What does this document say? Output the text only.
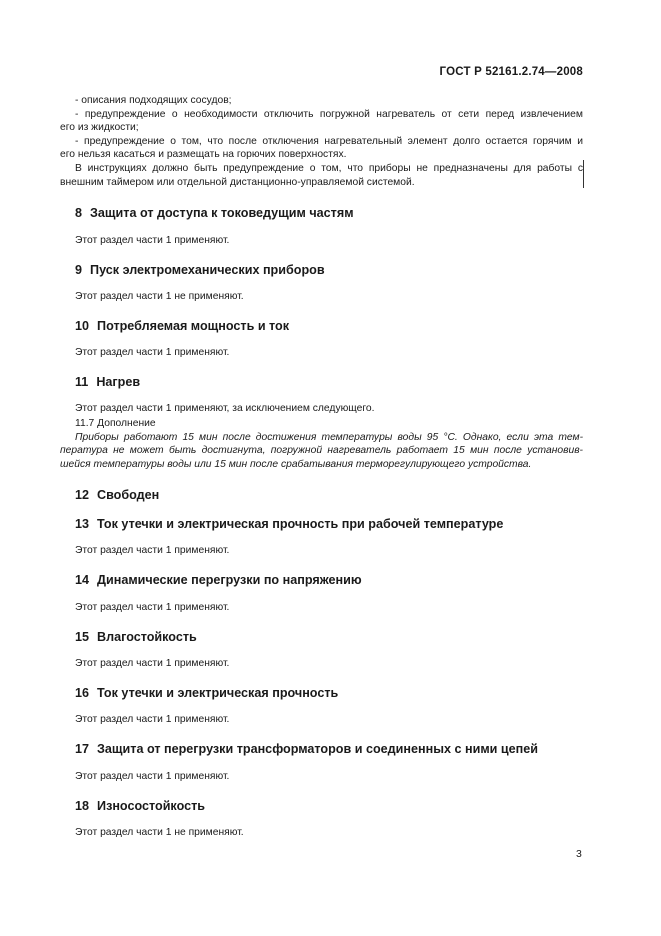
ГОСТ Р 52161.2.74—2008
- описания подходящих сосудов;
- предупреждение о необходимости отключить погружной нагреватель от сети перед извлечением
его из жидкости;
- предупреждение о том, что после отключения нагревательный элемент долго остается горячим и
его нельзя касаться и размещать на горючих поверхностях.
В инструкциях должно быть предупреждение о том, что приборы не предназначены для работы с
внешним таймером или отдельной дистанционно-управляемой системой.
8 Защита от доступа к токоведущим частям
Этот раздел части 1 применяют.
9 Пуск электромеханических приборов
Этот раздел части 1 не применяют.
10 Потребляемая мощность и ток
Этот раздел части 1 применяют.
11 Нагрев
Этот раздел части 1 применяют, за исключением следующего.
11.7 Дополнение
Приборы работают 15 мин после достижения температуры воды 95 °С. Однако, если эта тем-
пература не может быть достигнута, погружной нагреватель работает 15 мин после установив-
шейся температуры воды или 15 мин после срабатывания терморегулирующего устройства.
12 Свободен
13 Ток утечки и электрическая прочность при рабочей температуре
Этот раздел части 1 применяют.
14 Динамические перегрузки по напряжению
Этот раздел части 1 применяют.
15 Влагостойкость
Этот раздел части 1 применяют.
16 Ток утечки и электрическая прочность
Этот раздел части 1 применяют.
17 Защита от перегрузки трансформаторов и соединенных с ними цепей
Этот раздел части 1 применяют.
18 Износостойкость
Этот раздел части 1 не применяют.
3
